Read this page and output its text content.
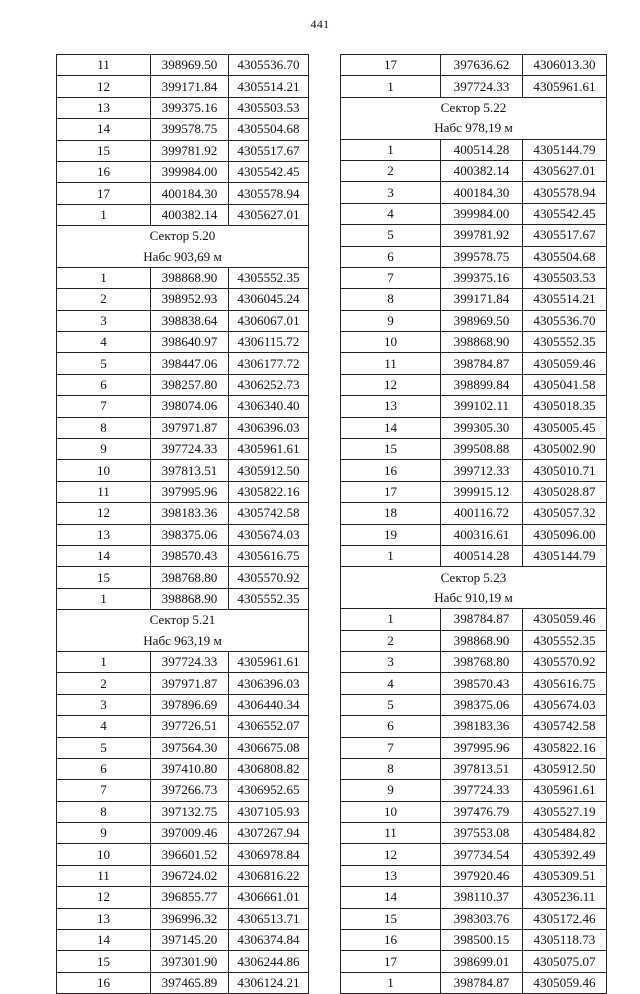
441
11	398969.50	4305536.70
12	399171.84	4305514.21
13	399375.16	4305503.53
14	399578.75	4305504.68
15	399781.92	4305517.67
16	399984.00	4305542.45
17	400184.30	4305578.94
1	400382.14	4305627.01
Сектор 5.20		
Набс 903,69 м		
1	398868.90	4305552.35
2	398952.93	4306045.24
3	398838.64	4306067.01
4	398640.97	4306115.72
5	398447.06	4306177.72
6	398257.80	4306252.73
7	398074.06	4306340.40
8	397971.87	4306396.03
9	397724.33	4305961.61
10	397813.51	4305912.50
11	397995.96	4305822.16
12	398183.36	4305742.58
13	398375.06	4305674.03
14	398570.43	4305616.75
15	398768.80	4305570.92
1	398868.90	4305552.35
Сектор 5.21		
Набс 963,19 м		
1	397724.33	4305961.61
2	397971.87	4306396.03
3	397896.69	4306440.34
4	397726.51	4306552.07
5	397564.30	4306675.08
6	397410.80	4306808.82
7	397266.73	4306952.65
8	397132.75	4307105.93
9	397009.46	4307267.94
10	396601.52	4306978.84
11	396724.02	4306816.22
12	396855.77	4306661.01
13	396996.32	4306513.71
14	397145.20	4306374.84
15	397301.90	4306244.86
16	397465.89	4306124.21
17	397636.62	4306013.30
1	397724.33	4305961.61
Сектор 5.22		
Набс 978,19 м		
1	400514.28	4305144.79
2	400382.14	4305627.01
3	400184.30	4305578.94
4	399984.00	4305542.45
5	399781.92	4305517.67
6	399578.75	4305504.68
7	399375.16	4305503.53
8	399171.84	4305514.21
9	398969.50	4305536.70
10	398868.90	4305552.35
11	398784.87	4305059.46
12	398899.84	4305041.58
13	399102.11	4305018.35
14	399305.30	4305005.45
15	399508.88	4305002.90
16	399712.33	4305010.71
17	399915.12	4305028.87
18	400116.72	4305057.32
19	400316.61	4305096.00
1	400514.28	4305144.79
Сектор 5.23		
Набс 910,19 м		
1	398784.87	4305059.46
2	398868.90	4305552.35
3	398768.80	4305570.92
4	398570.43	4305616.75
5	398375.06	4305674.03
6	398183.36	4305742.58
7	397995.96	4305822.16
8	397813.51	4305912.50
9	397724.33	4305961.61
10	397476.79	4305527.19
11	397553.08	4305484.82
12	397734.54	4305392.49
13	397920.46	4305309.51
14	398110.37	4305236.11
15	398303.76	4305172.46
16	398500.15	4305118.73
17	398699.01	4305075.07
1	398784.87	4305059.46
